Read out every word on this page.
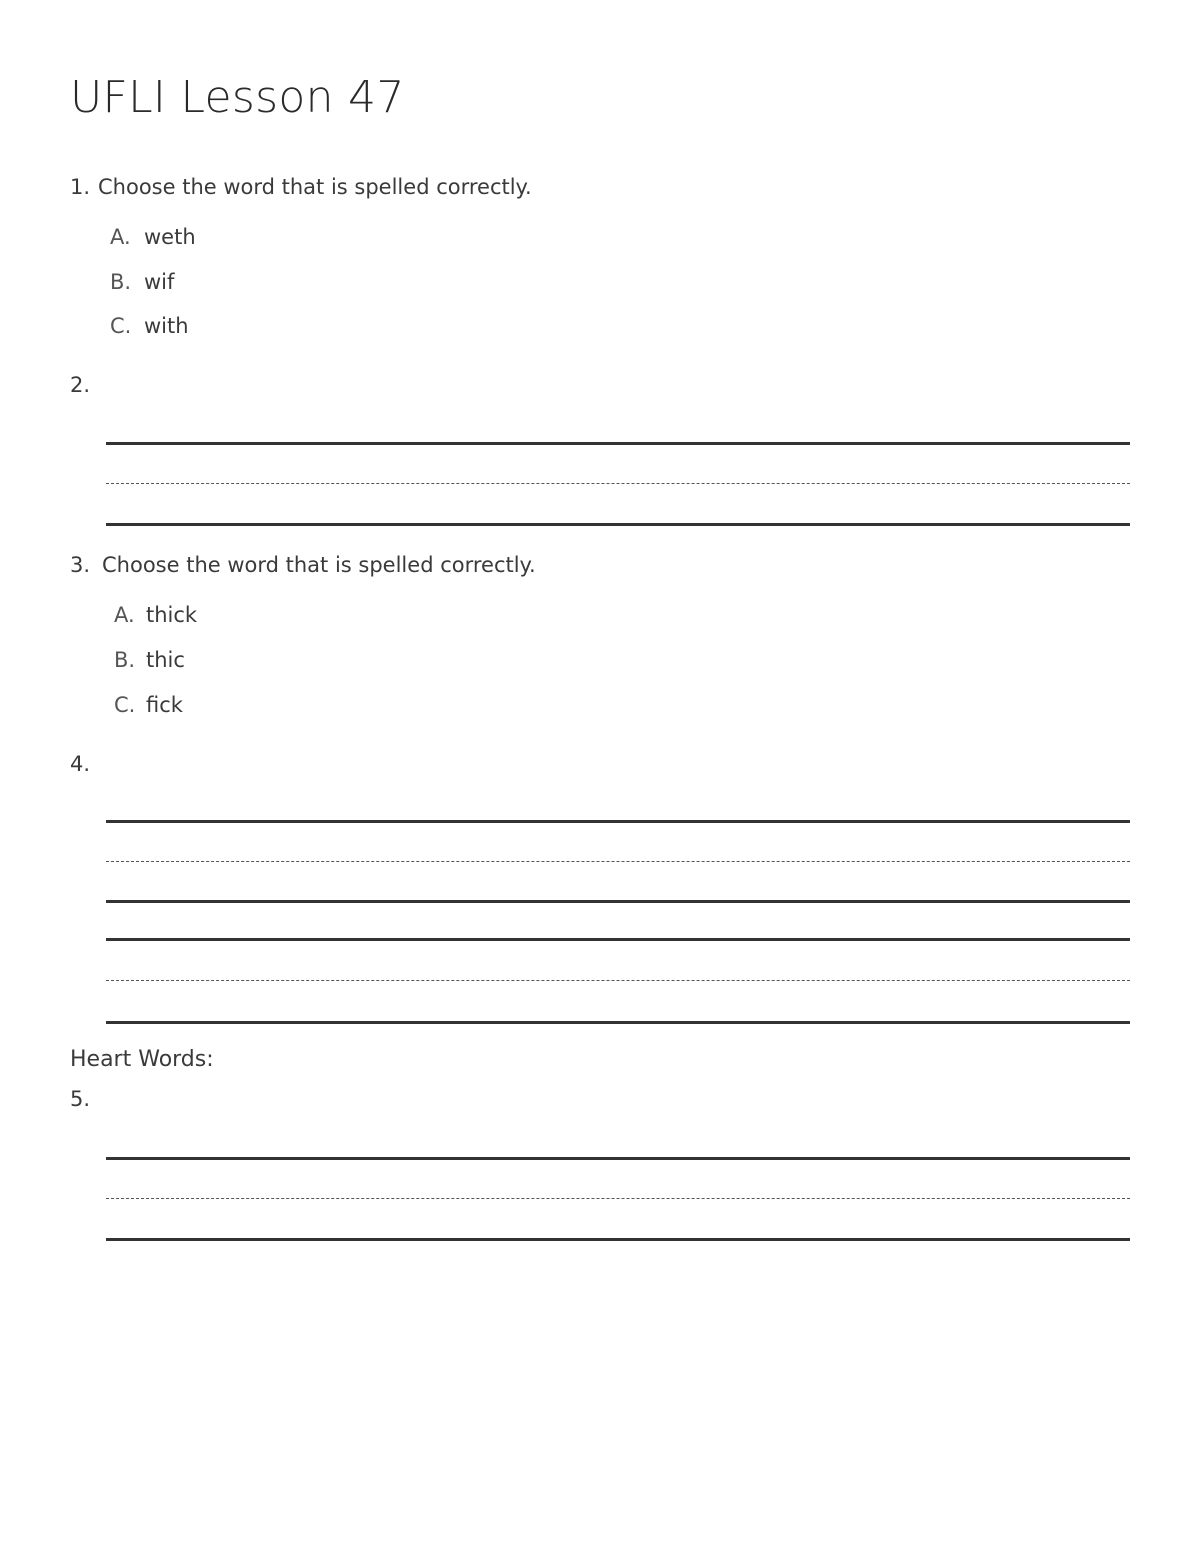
UFLI Lesson 47
1. Choose the word that is spelled correctly.
A. weth
B. wif
C. with
2.
3. Choose the word that is spelled correctly.
A. thick
B. thic
C. fick
4.
Heart Words:
5.
